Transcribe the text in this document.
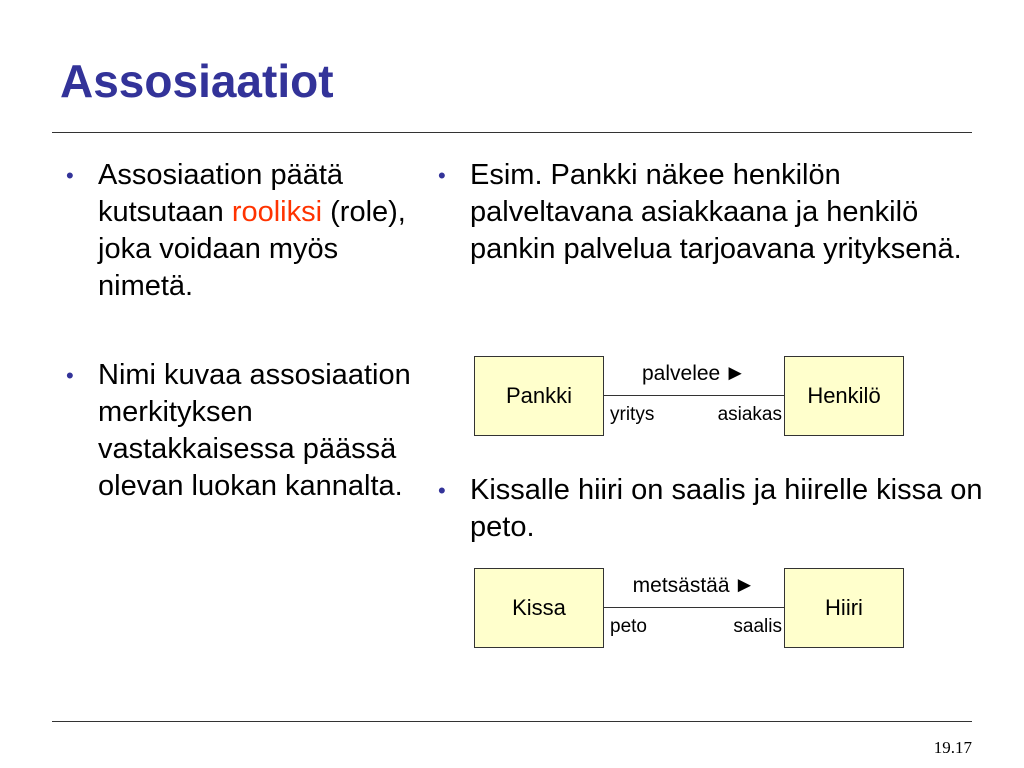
Assosiaatiot
• Assosiaation päätä kutsutaan rooliksi (role), joka voidaan myös nimetä.
• Nimi kuvaa assosiaation merkityksen vastakkaisessa päässä olevan luokan kannalta.
• Esim. Pankki näkee henkilön palveltavana asiakkaana ja henkilö pankin palvelua tarjoavana yrityksenä.
Pankki
palvelee ►
yritys	asiakas
Henkilö
• Kissalle hiiri on saalis ja hiirelle kissa on peto.
Kissa
metsästää ►
peto	saalis
Hiiri
19.17
